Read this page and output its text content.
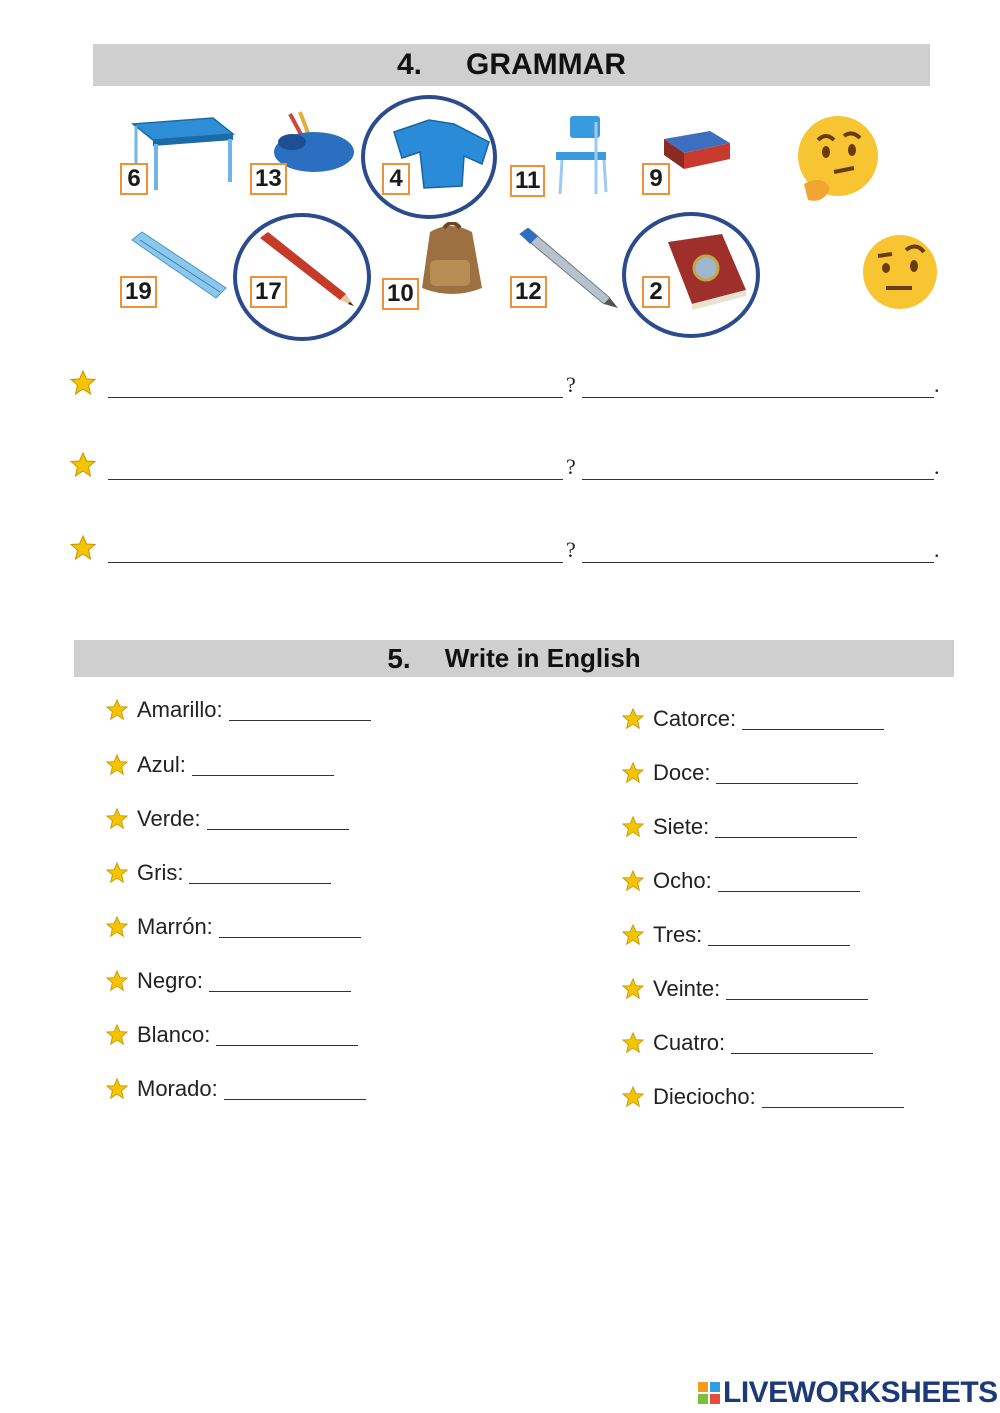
4. GRAMMAR
6	13	4	11	9
19	17	10	12	2
?	.
?	.
?	.
5. Write in English
Amarillo:
Azul:
Verde:
Gris:
Marrón:
Negro:
Blanco:
Morado:
Catorce:
Doce:
Siete:
Ocho:
Tres:
Veinte:
Cuatro:
Dieciocho:
LIVEWORKSHEETS
